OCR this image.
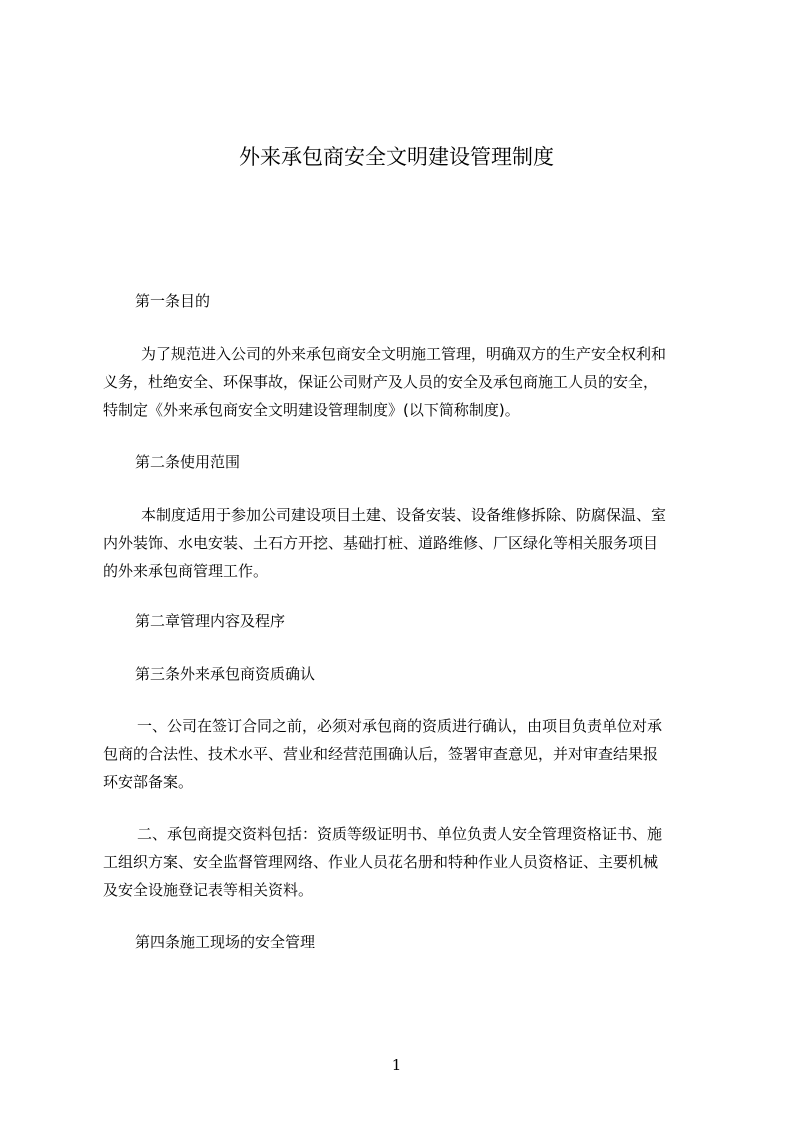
外来承包商安全文明建设管理制度
第一条目的
为了规范进入公司的外来承包商安全文明施工管理，明确双方的生产安全权利和
义务，杜绝安全、环保事故，保证公司财产及人员的安全及承包商施工人员的安全，
特制定《外来承包商安全文明建设管理制度》(以下简称制度)。
第二条使用范围
本制度适用于参加公司建设项目土建、设备安装、设备维修拆除、防腐保温、室
内外装饰、水电安装、土石方开挖、基础打桩、道路维修、厂区绿化等相关服务项目
的外来承包商管理工作。
第二章管理内容及程序
第三条外来承包商资质确认
一、公司在签订合同之前，必须对承包商的资质进行确认，由项目负责单位对承
包商的合法性、技术水平、营业和经营范围确认后，签署审查意见，并对审查结果报
环安部备案。
二、承包商提交资料包括：资质等级证明书、单位负责人安全管理资格证书、施
工组织方案、安全监督管理网络、作业人员花名册和特种作业人员资格证、主要机械
及安全设施登记表等相关资料。
第四条施工现场的安全管理
1
